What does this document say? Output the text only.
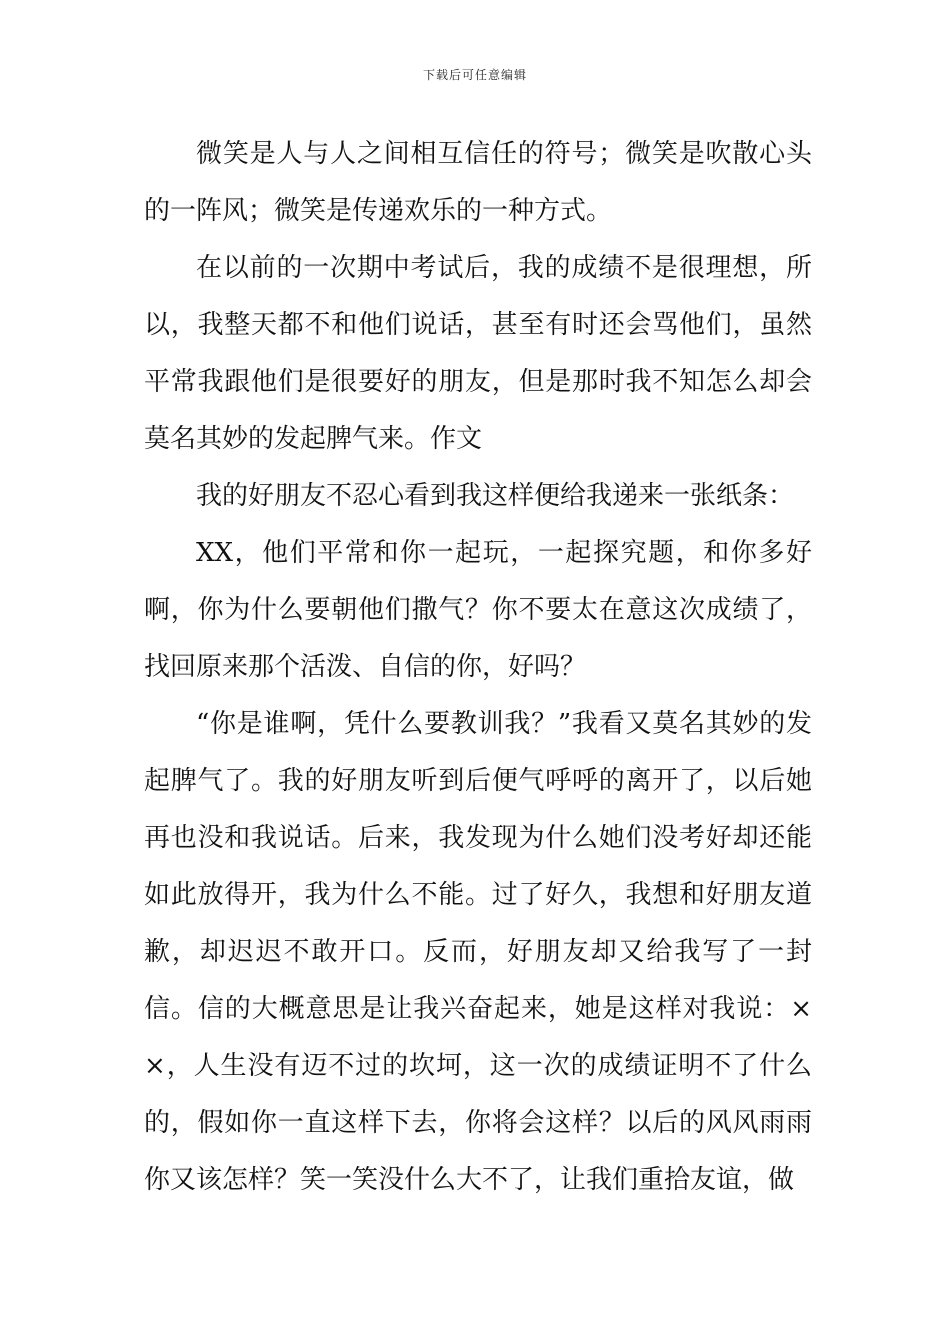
下载后可任意编辑

微笑是人与人之间相互信任的符号；微笑是吹散心头的一阵风；微笑是传递欢乐的一种方式。

在以前的一次期中考试后，我的成绩不是很理想，所以，我整天都不和他们说话，甚至有时还会骂他们，虽然平常我跟他们是很要好的朋友，但是那时我不知怎么却会莫名其妙的发起脾气来。作文

我的好朋友不忍心看到我这样便给我递来一张纸条：

XX，他们平常和你一起玩，一起探究题，和你多好啊，你为什么要朝他们撒气？你不要太在意这次成绩了，找回原来那个活泼、自信的你，好吗？

“你是谁啊，凭什么要教训我？”我看又莫名其妙的发起脾气了。我的好朋友听到后便气呼呼的离开了，以后她再也没和我说话。后来，我发现为什么她们没考好却还能如此放得开，我为什么不能。过了好久，我想和好朋友道歉，却迟迟不敢开口。反而，好朋友却又给我写了一封信。信的大概意思是让我兴奋起来，她是这样对我说：××，人生没有迈不过的坎坷，这一次的成绩证明不了什么的，假如你一直这样下去，你将会这样？以后的风风雨雨你又该怎样？笑一笑没什么大不了，让我们重拾友谊，做
